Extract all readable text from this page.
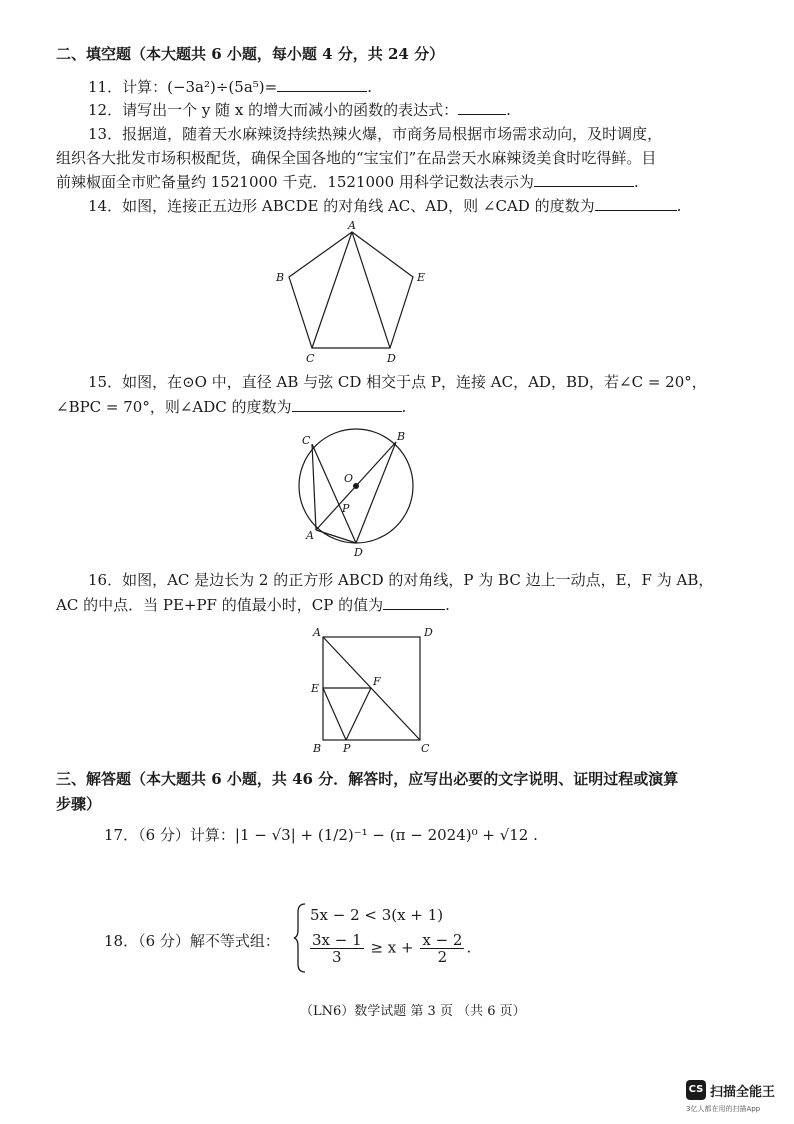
二、填空题（本大题共 6 小题，每小题 4 分，共 24 分）
11．计算：(−3a²)÷(5a⁵)=	.
12．请写出一个 y 随 x 的增大而减小的函数的表达式：	.
13．报据道，随着天水麻辣烫持续热辣火爆，市商务局根据市场需求动向，及时调度，
组织各大批发市场积极配货，确保全国各地的“宝宝们”在品尝天水麻辣烫美食时吃得鲜。目
前辣椒面全市贮备量约 1521000 千克．1521000 用科学记数法表示为	.
14．如图，连接正五边形 ABCDE 的对角线 AC、AD，则 ∠CAD 的度数为	.
A
B
C	D
E
15．如图，在⊙O 中，直径 AB 与弦 CD 相交于点 P，连接 AC，AD，BD，若∠C = 20°，
∠BPC = 70°，则∠ADC 的度数为	.
C	B
O
P
A
D
16．如图，AC 是边长为 2 的正方形 ABCD 的对角线，P 为 BC 边上一动点，E，F 为 AB，
AC 的中点．当 PE+PF 的值最小时，CP 的值为	.
A	D
E
F
B P	C
三、解答题（本大题共 6 小题，共 46 分．解答时，应写出必要的文字说明、证明过程或演算
步骤）
17．（6 分）计算：|1 − √3| + (1/2)⁻¹ − (π − 2024)⁰ + √12 .
18．（6 分）解不等式组：
5x − 2 < 3(x + 1)
$\frac{3x - 1}{3} \ge x + \frac{x - 2}{2}$ .
（LN6）数学试题 第 3 页 （共 6 页）
CS 扫描全能王
3亿人都在用的扫描App
